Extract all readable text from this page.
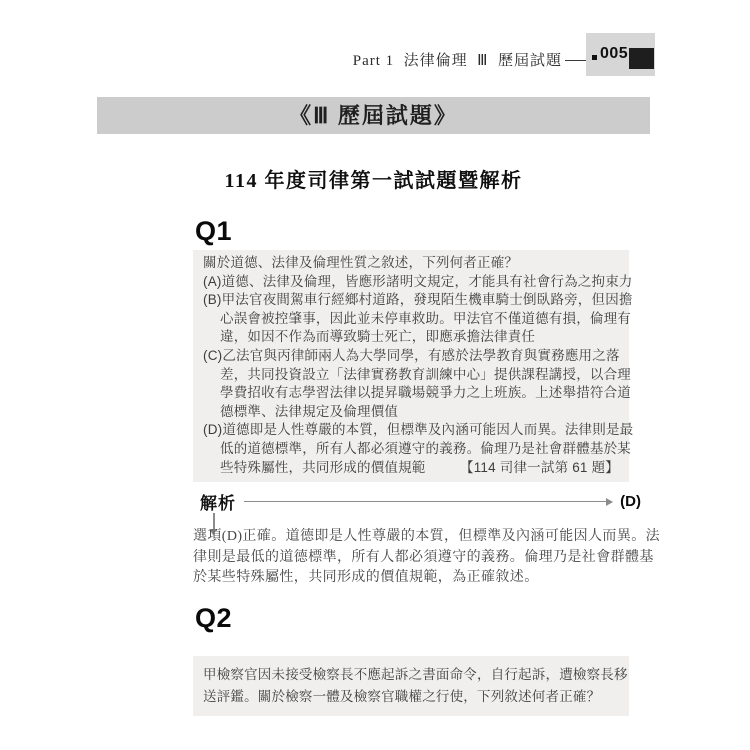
Part 1  法律倫理  Ⅲ  歷屆試題 005
《Ⅲ 歷屆試題》
114 年度司律第一試試題暨解析
Q1
關於道德、法律及倫理性質之敘述，下列何者正確？
(A)道德、法律及倫理，皆應形諸明文規定，才能具有社會行為之拘束力
(B)甲法官夜間駕車行經鄉村道路，發現陌生機車騎士倒臥路旁，但因擔
心誤會被控肇事，因此並未停車救助。甲法官不僅道德有損，倫理有
違，如因不作為而導致騎士死亡，即應承擔法律責任
(C)乙法官與丙律師兩人為大學同學，有感於法學教育與實務應用之落
差，共同投資設立「法律實務教育訓練中心」提供課程講授，以合理
學費招收有志學習法律以提昇職場競爭力之上班族。上述舉措符合道
德標準、法律規定及倫理價值
(D)道德即是人性尊嚴的本質，但標準及內涵可能因人而異。法律則是最
低的道德標準，所有人都必須遵守的義務。倫理乃是社會群體基於某
些特殊屬性，共同形成的價值規範	【114 司律一試第 61 題】
解析	(D)
選項(D)正確。道德即是人性尊嚴的本質，但標準及內涵可能因人而異。法
律則是最低的道德標準，所有人都必須遵守的義務。倫理乃是社會群體基
於某些特殊屬性，共同形成的價值規範，為正確敘述。
Q2
甲檢察官因未接受檢察長不應起訴之書面命令，自行起訴，遭檢察長移
送評鑑。關於檢察一體及檢察官職權之行使，下列敘述何者正確？
